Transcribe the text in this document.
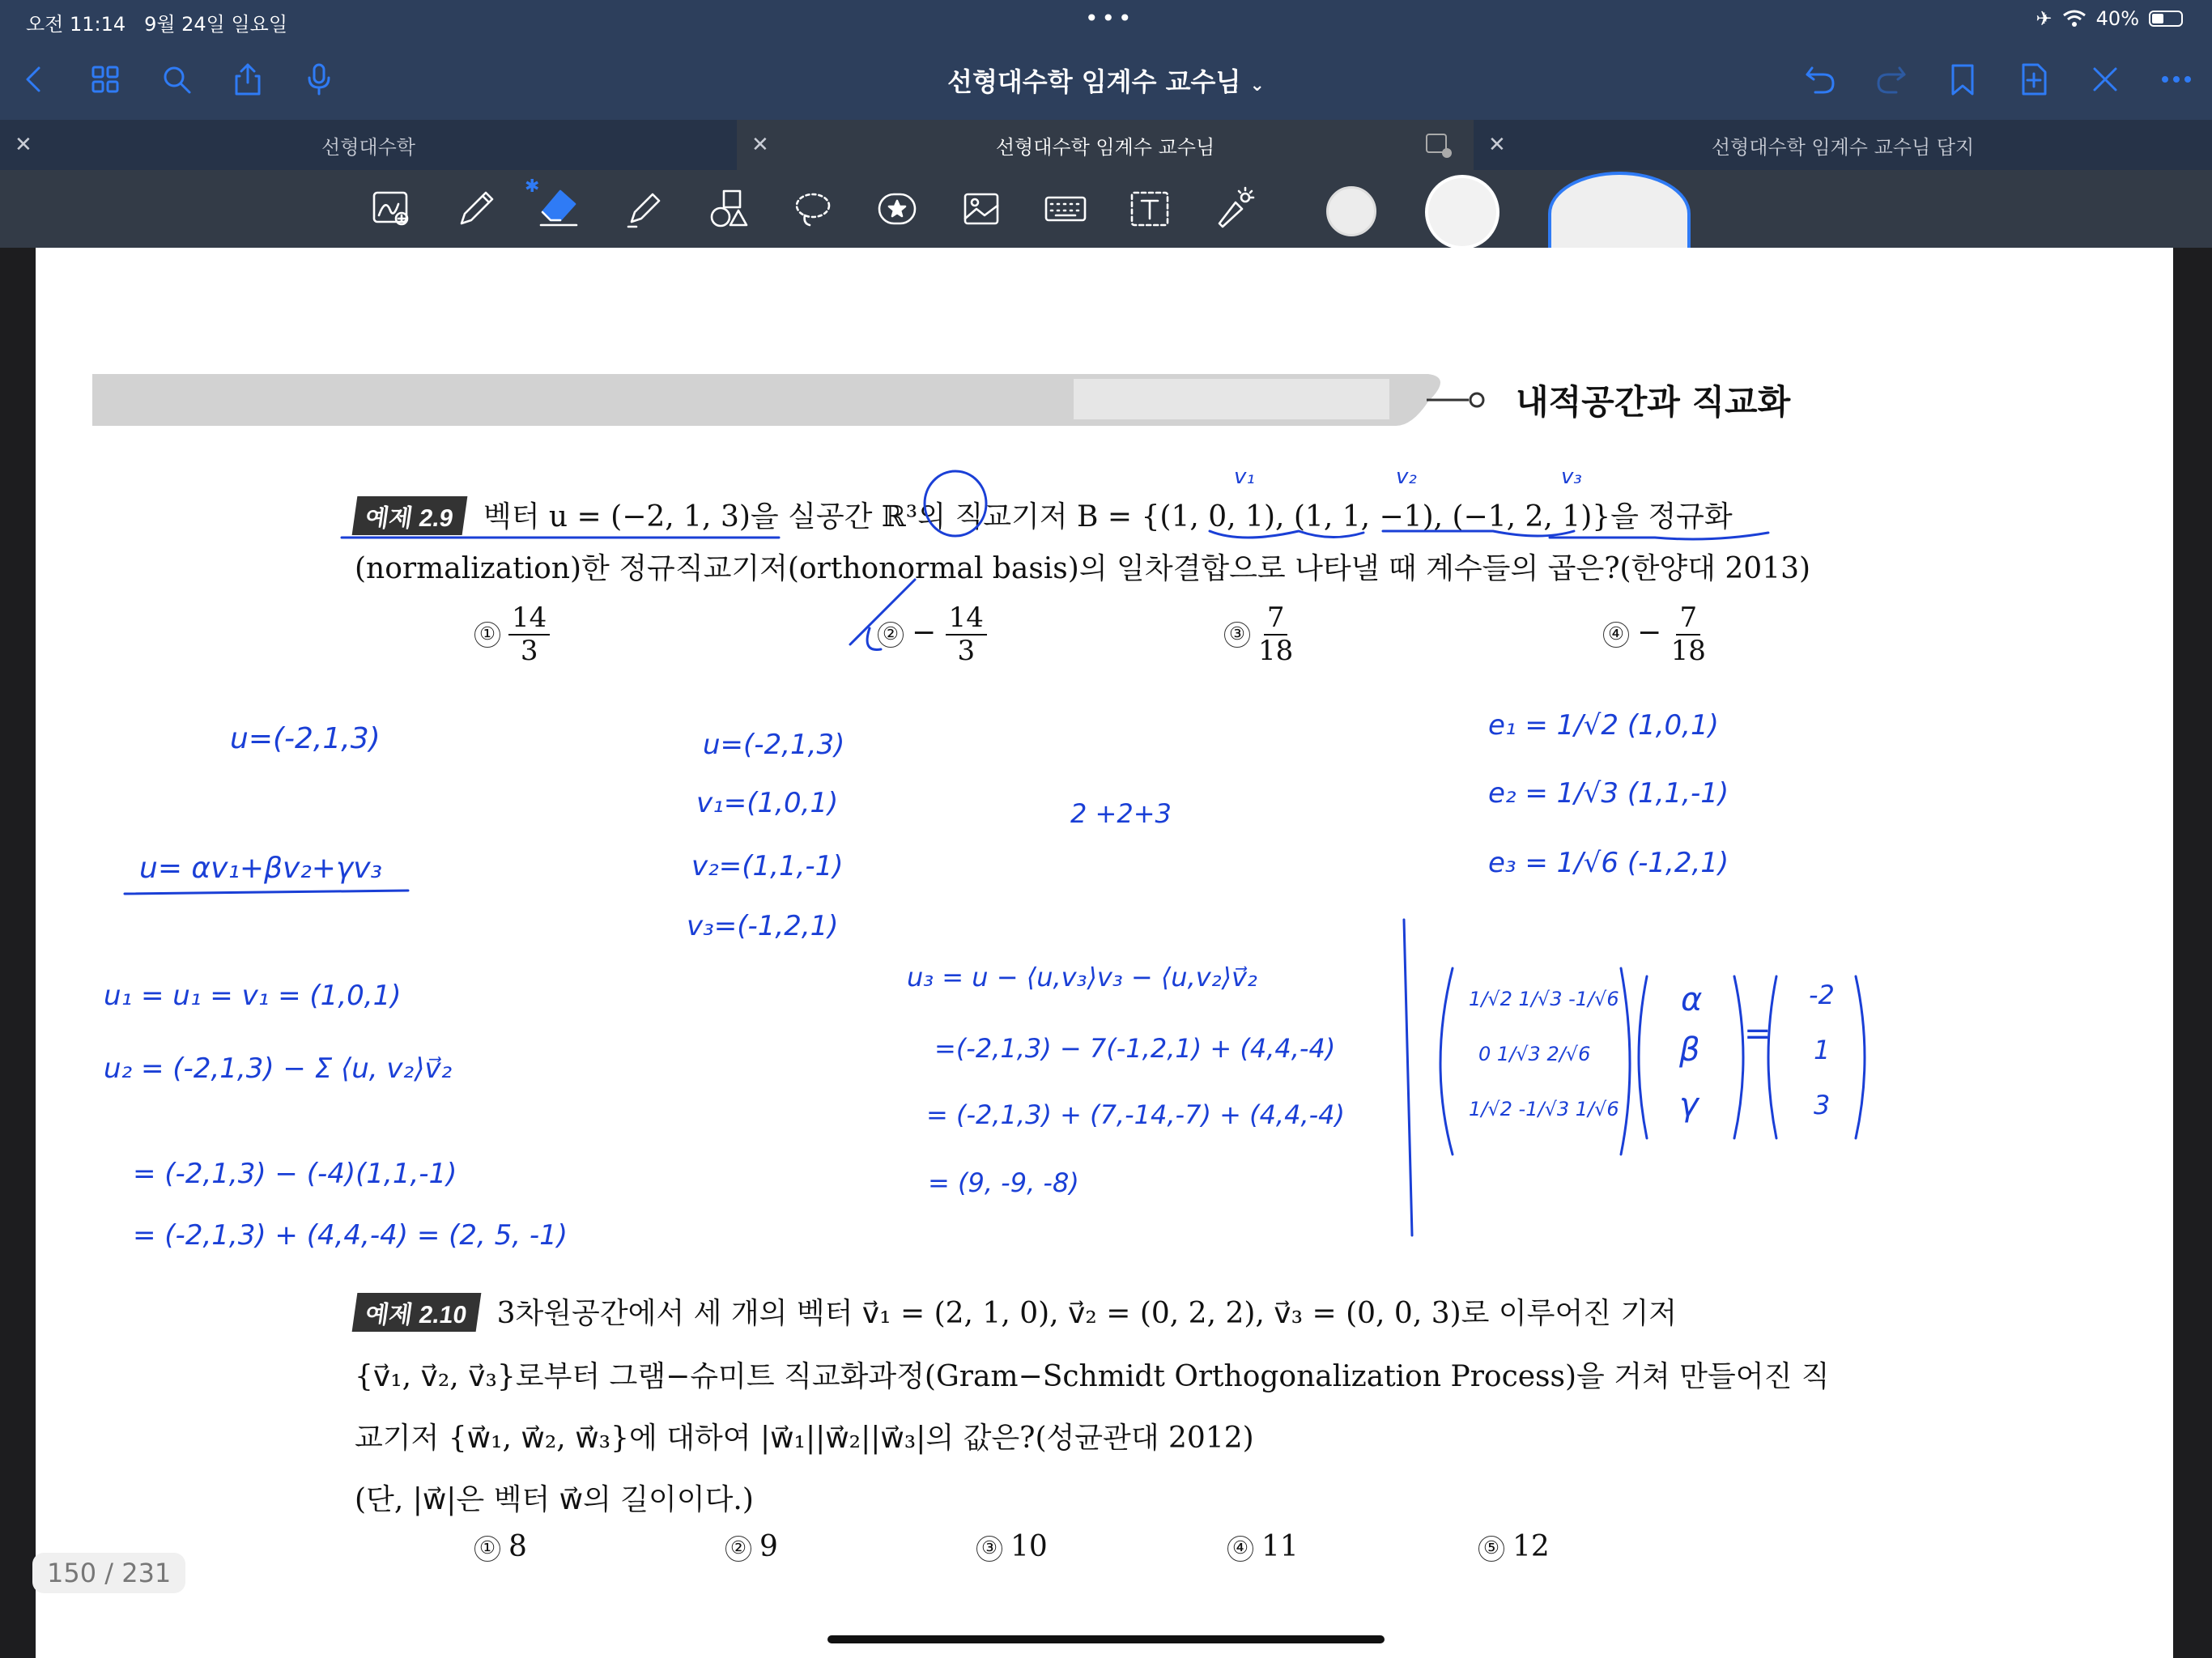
오전 11:14 9월 24일 일요일	•••	✈ 40%
선형대수학 임계수 교수님 ⌄
✕	선형대수학	✕	선형대수학 임계수 교수님	✕	선형대수학 임계수 교수님 답지
✱
내적공간과 직교화
예제 2.9 벡터 u = (−2, 1, 3)을 실공간 ℝ³의 직교기저 B = {(1, 0, 1), (1, 1, −1), (−1, 2, 1)}을 정규화
(normalization)한 정규직교기저(orthonormal basis)의 일차결합으로 나타낼 때 계수들의 곱은?(한양대 2013)
① $\frac{14}{3}$	② − $\frac{14}{3}$	③ $\frac{7}{18}$	④ − $\frac{7}{18}$
u=(-2,1,3)
u= αv₁+βv₂+γv₃
u₁ = u₁ = v₁ = (1,0,1)
u₂ = (-2,1,3) − Σ ⟨u, v₂⟩v⃗₂
= (-2,1,3) − (-4)(1,1,-1)
= (-2,1,3) + (4,4,-4) = (2, 5, -1)
u=(-2,1,3)
v₁=(1,0,1)
v₂=(1,1,-1)
v₃=(-1,2,1)
2 +2+3
u₃ = u − ⟨u,v₃⟩v₃ − ⟨u,v₂⟩v⃗₂
=(-2,1,3) − 7(-1,2,1) + (4,4,-4)
= (-2,1,3) + (7,-14,-7) + (4,4,-4)
= (9, -9, -8)
e₁ = 1/√2 (1,0,1)
e₂ = 1/√3 (1,1,-1)
e₃ = 1/√6 (-1,2,1)
v₁	v₂	v₃
1/√2 1/√3 -1/√6
0 1/√3 2/√6
1/√2 -1/√3 1/√6
α
β
γ
=
-2
1
3
예제 2.10 3차원공간에서 세 개의 벡터 v⃗₁ = (2, 1, 0), v⃗₂ = (0, 2, 2), v⃗₃ = (0, 0, 3)로 이루어진 기저
{v⃗₁, v⃗₂, v⃗₃}로부터 그램−슈미트 직교화과정(Gram−Schmidt Orthogonalization Process)을 거쳐 만들어진 직
교기저 {w⃗₁, w⃗₂, w⃗₃}에 대하여 |w⃗₁||w⃗₂||w⃗₃|의 값은?(성균관대 2012)
(단, |w⃗|은 벡터 w⃗의 길이이다.)
① 8	② 9	③ 10	④ 11	⑤ 12
150 / 231
